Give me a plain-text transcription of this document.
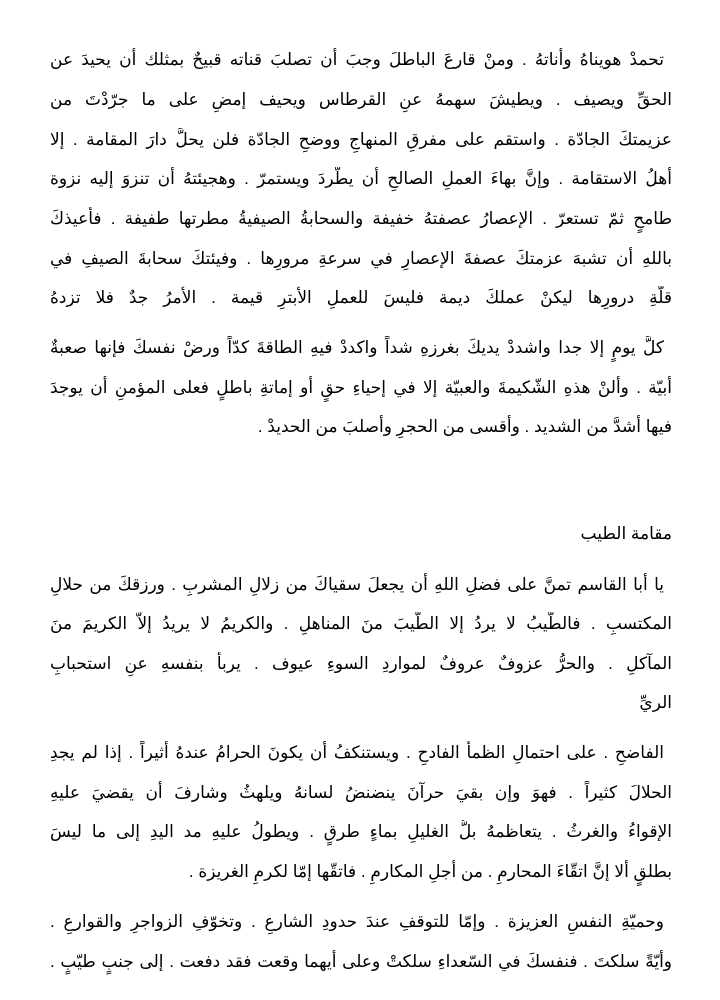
تحمدْ هويناهُ وأناتهُ . ومنْ قارعَ الباطلَ وجبَ أن تصلبَ قناته قبيحٌ بمثلك أن يحيدَ عن
الحقِّ ويصيف . ويطيشَ سهمهُ عنِ القرطاس ويحيف إمضِ على ما جرّدْتَ من
عزيمتكَ الجادّة . واستقم على مفرقِ المنهاجِ ووضحِ الجادّة فلن يحلَّ دارَ المقامة . إلا
أهلُ الاستقامة . وإنَّ بهاءَ العملِ الصالحِ أن يطّردَ ويستمرّ . وهجيئتهُ أن تنزوَ إليه نزوة
طامحٍ ثمّ تستعرّ . الإعصارُ عصفتهُ خفيفة والسحابةُ الصيفيةُ مطرتها طفيفة . فأعيذكَ
باللهِ أن تشبهَ عزمتكَ عصفةَ الإعصارِ في سرعةِ مرورِها . وفيئتكَ سحابةَ الصيفِ في
قلّةِ درورِها ليكنْ عملكَ ديمة فليسَ للعملِ الأبترِ قيمة . الأمرُ جدٌ فلا تزدهُ
كلَّ يومٍ إلا جدا واشددْ يديكَ بغرزهِ شداً واكددْ فيهِ الطاقةَ كدّاً ورضْ نفسكَ فإنها صعبةٌ
أبيّة . وألنْ هذهِ الشّكيمةَ والعبيّة إلا في إحياءِ حقٍ أو إماتةِ باطلٍ فعلى المؤمنِ أن يوجدَ
فيها أشدَّ من الشديد . وأقسى من الحجرِ وأصلبَ من الحديدْ .
مقامة الطيب
يا أبا القاسم تمنَّ على فضلِ اللهِ أن يجعلَ سقياكَ من زلالِ المشربِ . ورزقكَ من حلالِ
المكتسبِ . فالطّيبُ لا يردُ إلا الطّيبَ منَ المناهلِ . والكريمُ لا يريدُ إلاّ الكريمَ منَ
المآكلِ . والحرُّ عزوفٌ عروفٌ لمواردِ السوءِ عيوف . يربأُ بنفسهِ عنِ استحبابِ
الريِّ
الفاضحِ . على احتمالِ الظمأ الفادحِ . ويستنكفُ أن يكونَ الحرامُ عندهُ أثيراً . إذا لم يجدِ
الحلالَ كثيراً . فهوَ وإن بقيَ حرآنَ ينضنضُ لسانهُ ويلهثُ وشارفَ أن يقضيَ عليهِ
الإقواءُ والغرثُ . يتعاظمهُ بلُّ الغليلِ بماءٍ طرقٍ . ويطولُ عليهِ مد اليدِ إلى ما ليسَ
بطلقٍ ألا إنَّ اتقّاءَ المحارمِ . من أجلِ المكارمِ . فاتقّها إمّا لكرمِ الغريزة .
وحميّةِ النفسِ العزيزة . وإمّا للتوقفِ عندَ حدودِ الشارعِ . وتخوّفِ الزواجرِ والقوارعِ .
وأيّةً سلكتَ . فنفسكَ في السّعداءِ سلكتْ وعلى أيهما وقعت فقد دفعت . إلى جنبٍ طيّبٍ .
